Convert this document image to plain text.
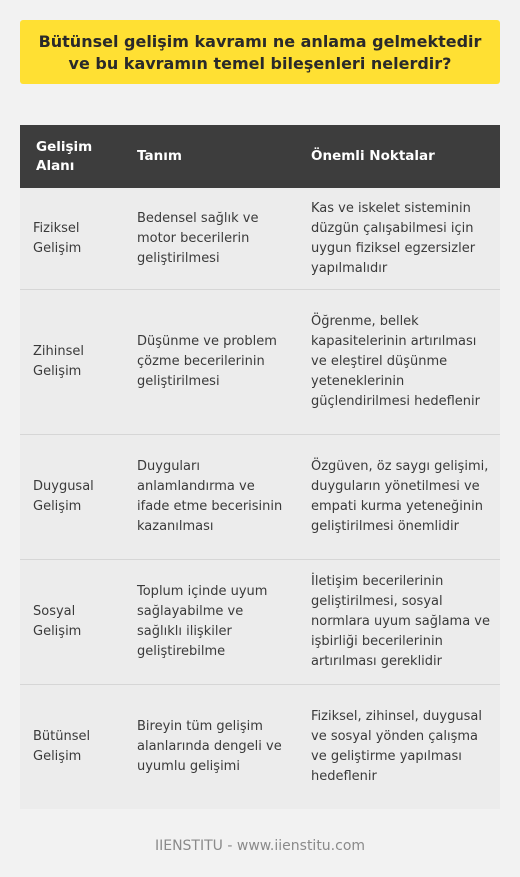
Bütünsel gelişim kavramı ne anlama gelmektedir ve bu kavramın temel bileşenleri nelerdir?
Gelişim Alanı	Tanım	Önemli Noktalar
Fiziksel Gelişim	Bedensel sağlık ve motor becerilerin geliştirilmesi	Kas ve iskelet sisteminin düzgün çalışabilmesi için uygun fiziksel egzersizler yapılmalıdır
Zihinsel Gelişim	Düşünme ve problem çözme becerilerinin geliştirilmesi	Öğrenme, bellek kapasitelerinin artırılması ve eleştirel düşünme yeteneklerinin güçlendirilmesi hedeflenir
Duygusal Gelişim	Duyguları anlamlandırma ve ifade etme becerisinin kazanılması	Özgüven, öz saygı gelişimi, duyguların yönetilmesi ve empati kurma yeteneğinin geliştirilmesi önemlidir
Sosyal Gelişim	Toplum içinde uyum sağlayabilme ve sağlıklı ilişkiler geliştirebilme	İletişim becerilerinin geliştirilmesi, sosyal normlara uyum sağlama ve işbirliği becerilerinin artırılması gereklidir
Bütünsel Gelişim	Bireyin tüm gelişim alanlarında dengeli ve uyumlu gelişimi	Fiziksel, zihinsel, duygusal ve sosyal yönden çalışma ve geliştirme yapılması hedeflenir
IIENSTITU - www.iienstitu.com
